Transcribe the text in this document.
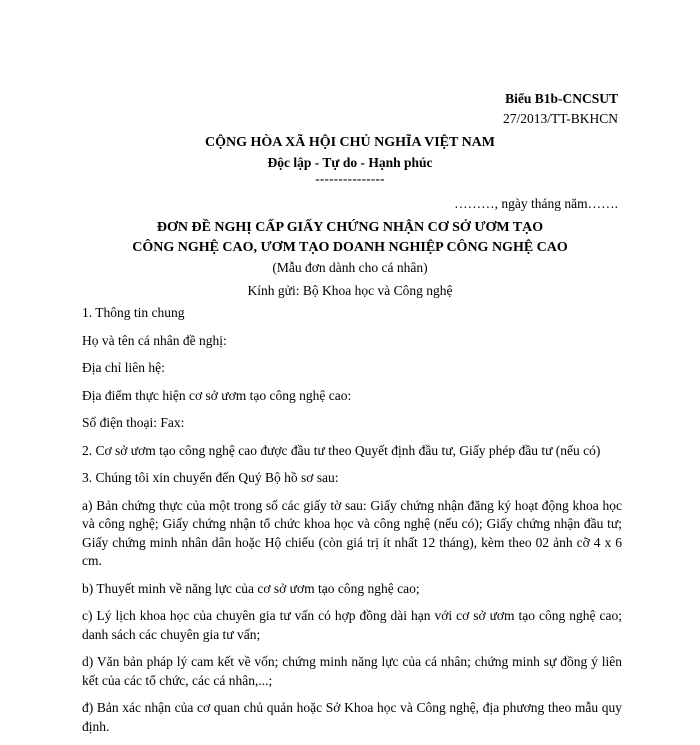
Biểu B1b-CNCSUT
27/2013/TT-BKHCN
CỘNG HÒA XÃ HỘI CHỦ NGHĨA VIỆT NAM
Độc lập - Tự do - Hạnh phúc
---------------
………, ngày tháng năm…….
ĐƠN ĐỀ NGHỊ CẤP GIẤY CHỨNG NHẬN CƠ SỞ ƯƠM TẠO
CÔNG NGHỆ CAO, ƯƠM TẠO DOANH NGHIỆP CÔNG NGHỆ CAO
(Mẫu đơn dành cho cá nhân)
Kính gửi: Bộ Khoa học và Công nghệ

1. Thông tin chung

Họ và tên cá nhân đề nghị:

Địa chỉ liên hệ:

Địa điểm thực hiện cơ sở ươm tạo công nghệ cao:

Số điện thoại: Fax:

2. Cơ sở ươm tạo công nghệ cao được đầu tư theo Quyết định đầu tư, Giấy phép đầu tư (nếu có)

3. Chúng tôi xin chuyển đến Quý Bộ hồ sơ sau:

a) Bản chứng thực của một trong số các giấy tờ sau: Giấy chứng nhận đăng ký hoạt động khoa học và công nghệ; Giấy chứng nhận tổ chức khoa học và công nghệ (nếu có); Giấy chứng nhận đầu tư; Giấy chứng minh nhân dân hoặc Hộ chiếu (còn giá trị ít nhất 12 tháng), kèm theo 02 ảnh cỡ 4 x 6 cm.

b) Thuyết minh về năng lực của cơ sở ươm tạo công nghệ cao;

c) Lý lịch khoa học của chuyên gia tư vấn có hợp đồng dài hạn với cơ sở ươm tạo công nghệ cao; danh sách các chuyên gia tư vấn;

d) Văn bản pháp lý cam kết về vốn; chứng minh năng lực của cá nhân; chứng minh sự đồng ý liên kết của các tổ chức, các cá nhân,...;

đ) Bản xác nhận của cơ quan chủ quản hoặc Sở Khoa học và Công nghệ, địa phương theo mẫu quy định.
